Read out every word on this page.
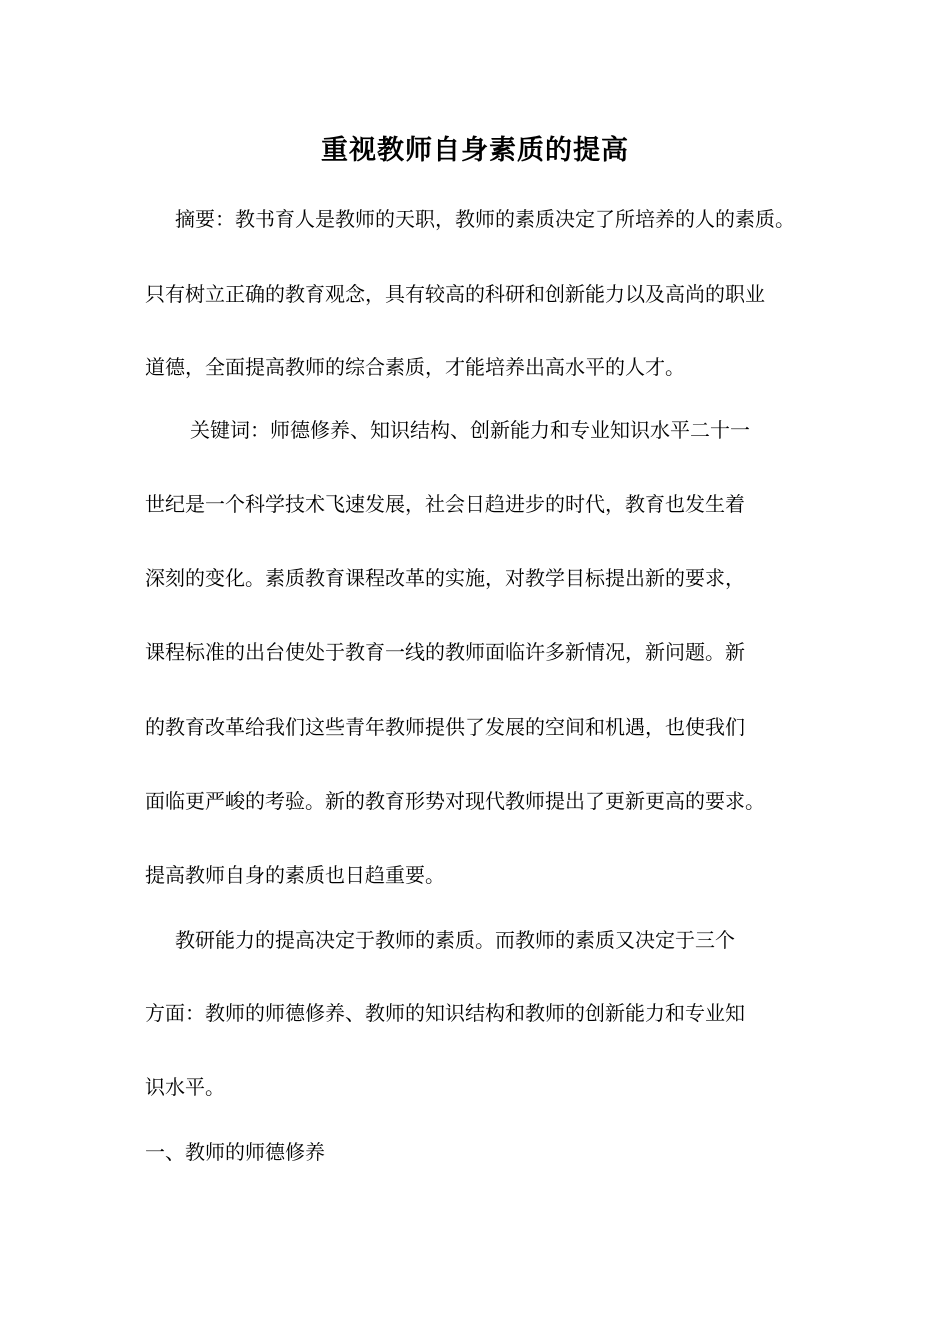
重视教师自身素质的提高
摘要：教书育人是教师的天职，教师的素质决定了所培养的人的素质。
只有树立正确的教育观念，具有较高的科研和创新能力以及高尚的职业
道德，全面提高教师的综合素质，才能培养出高水平的人才。
关键词：师德修养、知识结构、创新能力和专业知识水平二十一
世纪是一个科学技术飞速发展，社会日趋进步的时代，教育也发生着
深刻的变化。素质教育课程改革的实施，对教学目标提出新的要求，
课程标准的出台使处于教育一线的教师面临许多新情况，新问题。新
的教育改革给我们这些青年教师提供了发展的空间和机遇，也使我们
面临更严峻的考验。新的教育形势对现代教师提出了更新更高的要求。
提高教师自身的素质也日趋重要。
教研能力的提高决定于教师的素质。而教师的素质又决定于三个
方面：教师的师德修养、教师的知识结构和教师的创新能力和专业知
识水平。
一、教师的师德修养
